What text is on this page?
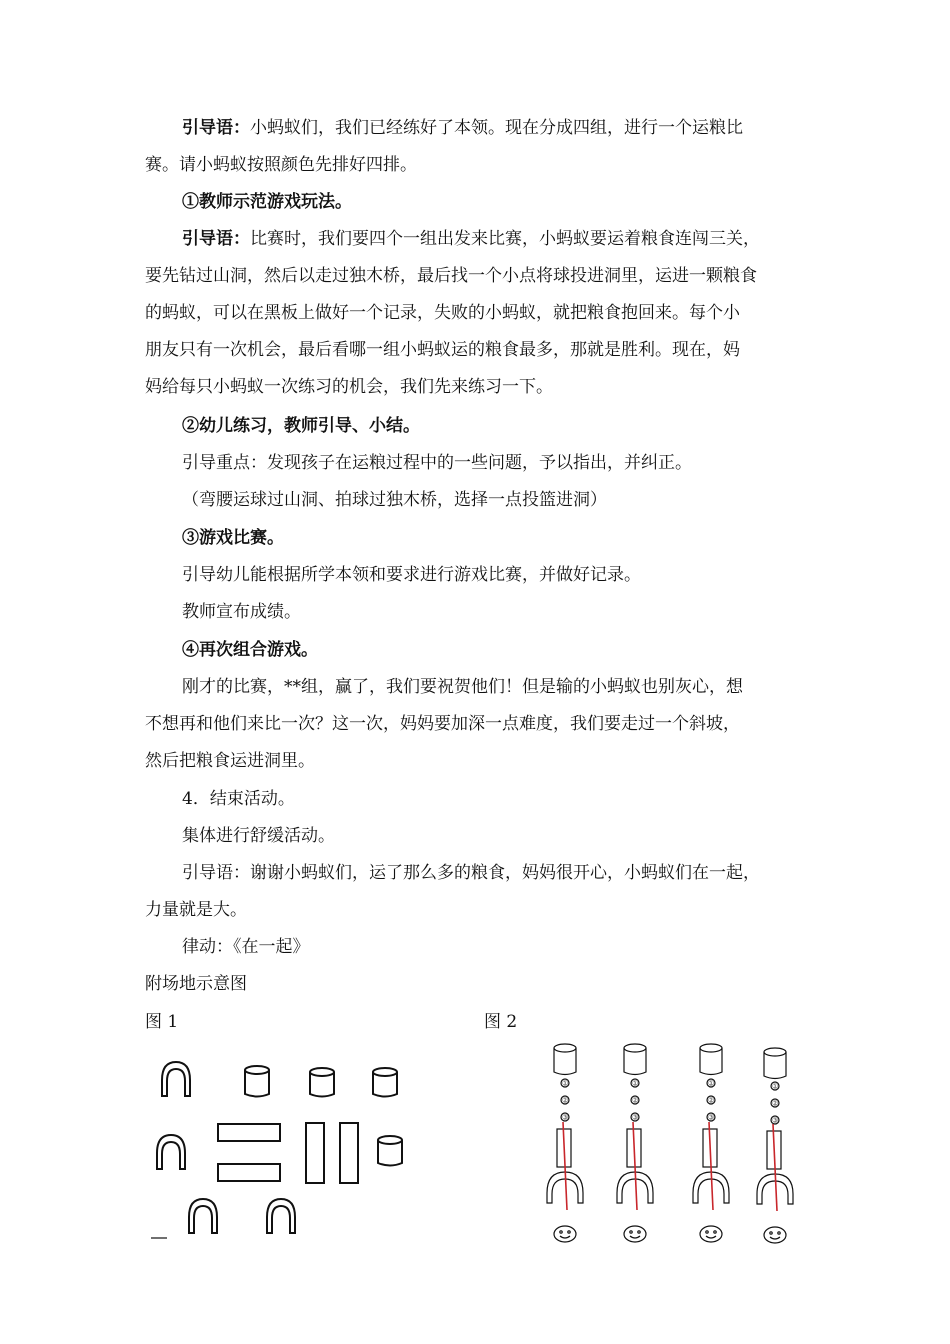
引导语：小蚂蚁们，我们已经练好了本领。现在分成四组，进行一个运粮比
赛。请小蚂蚁按照颜色先排好四排。
①教师示范游戏玩法。
引导语：比赛时，我们要四个一组出发来比赛，小蚂蚁要运着粮食连闯三关，
要先钻过山洞，然后以走过独木桥，最后找一个小点将球投进洞里，运进一颗粮食
的蚂蚁，可以在黑板上做好一个记录，失败的小蚂蚁，就把粮食抱回来。每个小
朋友只有一次机会，最后看哪一组小蚂蚁运的粮食最多，那就是胜利。现在，妈
妈给每只小蚂蚁一次练习的机会，我们先来练习一下。
②幼儿练习，教师引导、小结。
引导重点：发现孩子在运粮过程中的一些问题，予以指出，并纠正。
（弯腰运球过山洞、拍球过独木桥，选择一点投篮进洞）
③游戏比赛。
引导幼儿能根据所学本领和要求进行游戏比赛，并做好记录。
教师宣布成绩。
④再次组合游戏。
刚才的比赛，**组，赢了，我们要祝贺他们！但是输的小蚂蚁也别灰心，想
不想再和他们来比一次？这一次，妈妈要加深一点难度，我们要走过一个斜坡，
然后把粮食运进洞里。
4．结束活动。
集体进行舒缓活动。
引导语：谢谢小蚂蚁们，运了那么多的粮食，妈妈很开心，小蚂蚁们在一起，
力量就是大。
律动：《在一起》
附场地示意图
图 1	图 2
①
②
③
①
②
③
①
②
③
①
②
③
